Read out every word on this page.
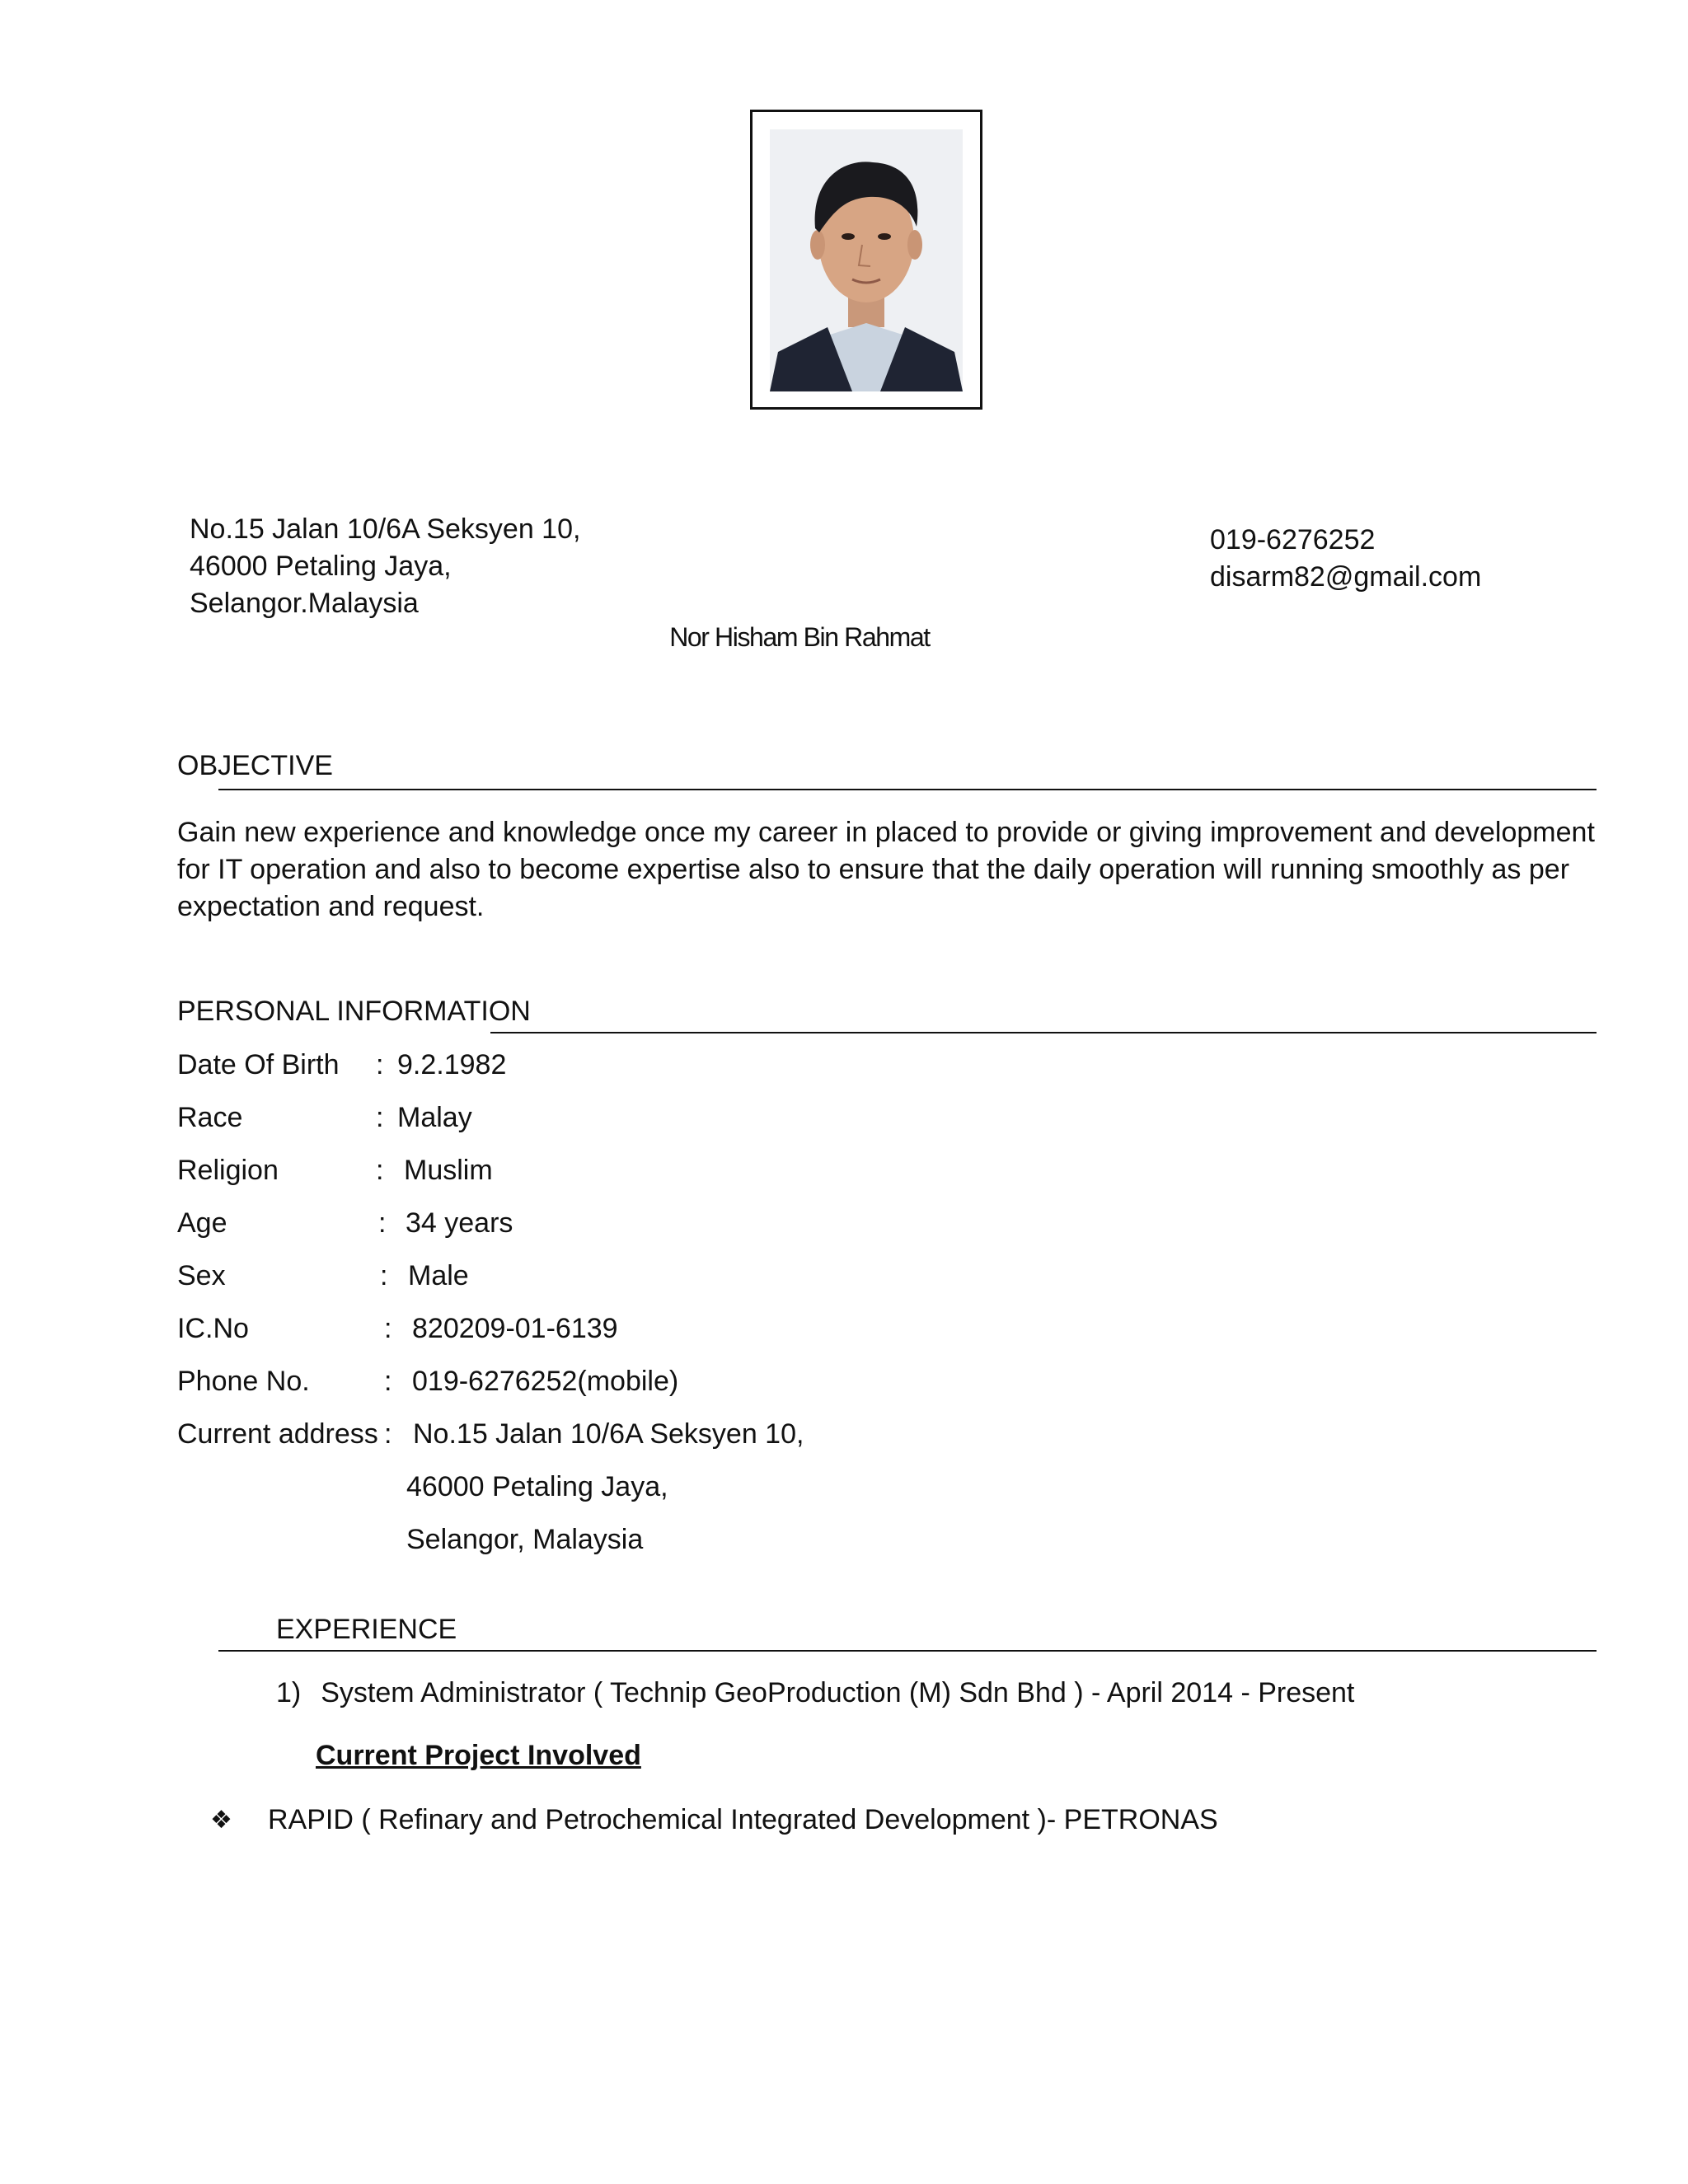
No.15 Jalan 10/6A Seksyen 10,
46000 Petaling Jaya,
Selangor.Malaysia
019-6276252
disarm82@gmail.com
Nor Hisham Bin Rahmat
OBJECTIVE
Gain new experience and knowledge once my career in placed to provide or giving improvement and development for IT operation and also to become expertise also to ensure that the daily operation will running smoothly as per expectation and request.
PERSONAL INFORMATION
Date Of Birth : 9.2.1982
Race	: Malay
Religion	: Muslim
Age	: 34 years
Sex	: Male
IC.No	: 820209-01-6139
Phone No.	: 019-6276252(mobile)
Current address : No.15 Jalan 10/6A Seksyen 10,
46000 Petaling Jaya,
Selangor, Malaysia
EXPERIENCE
1) System Administrator ( Technip GeoProduction (M) Sdn Bhd ) - April 2014 - Present
Current Project Involved
❖ RAPID ( Refinary and Petrochemical Integrated Development )- PETRONAS
